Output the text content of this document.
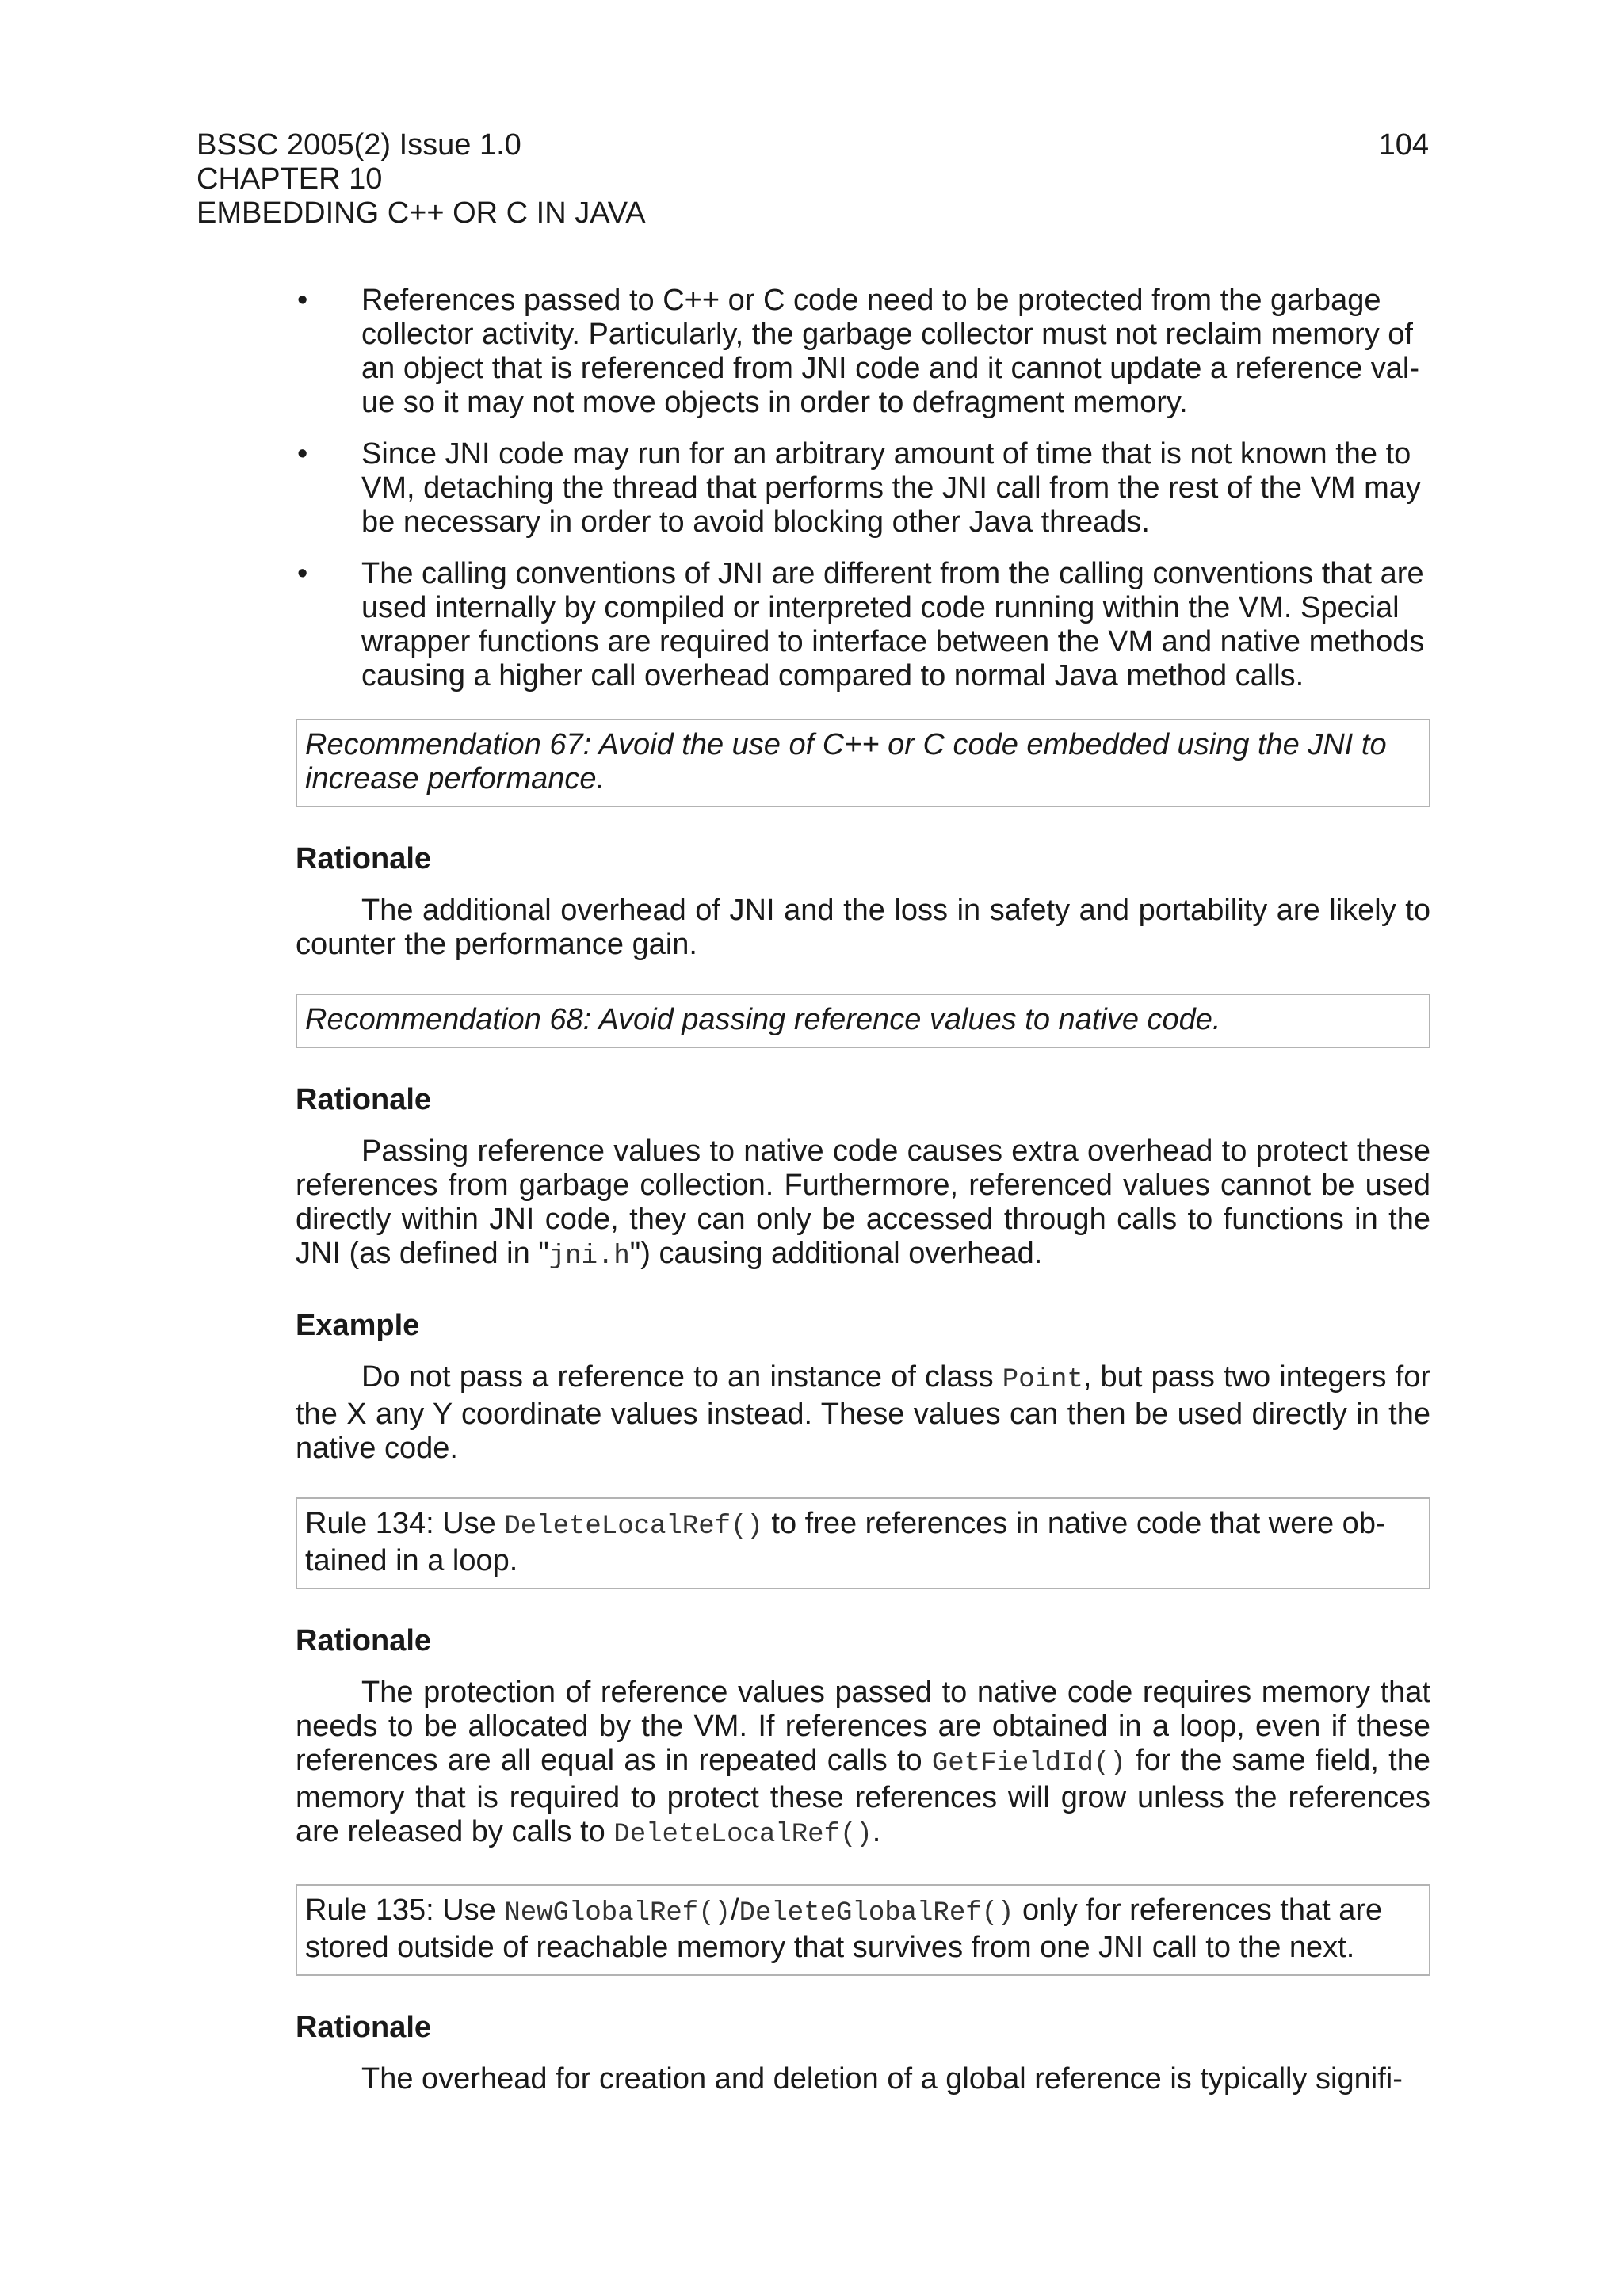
BSSC 2005(2) Issue 1.0
CHAPTER 10
EMBEDDING C++ OR C IN JAVA
104
• References passed to C++ or C code need to be protected from the garbage collector activity. Particularly, the garbage collector must not reclaim memory of an object that is referenced from JNI code and it cannot update a reference value so it may not move objects in order to defragment memory.
• Since JNI code may run for an arbitrary amount of time that is not known the to VM, detaching the thread that performs the JNI call from the rest of the VM may be necessary in order to avoid blocking other Java threads.
• The calling conventions of JNI are different from the calling conventions that are used internally by compiled or interpreted code running within the VM. Special wrapper functions are required to interface between the VM and native methods causing a higher call overhead compared to normal Java method calls.
Recommendation 67: Avoid the use of C++ or C code embedded using the JNI to increase performance.
Rationale

The additional overhead of JNI and the loss in safety and portability are likely to counter the performance gain.

Recommendation 68: Avoid passing reference values to native code.
Rationale

Passing reference values to native code causes extra overhead to protect these references from garbage collection. Furthermore, referenced values cannot be used directly within JNI code, they can only be accessed through calls to functions in the JNI (as defined in "jni.h") causing additional overhead.

Example

Do not pass a reference to an instance of class Point, but pass two integers for the X any Y coordinate values instead. These values can then be used directly in the native code.

Rule 134: Use DeleteLocalRef() to free references in native code that were obtained in a loop.
Rationale

The protection of reference values passed to native code requires memory that needs to be allocated by the VM. If references are obtained in a loop, even if these references are all equal as in repeated calls to GetFieldId() for the same field, the memory that is required to protect these references will grow unless the references are released by calls to DeleteLocalRef().

Rule 135: Use NewGlobalRef()/DeleteGlobalRef() only for references that are stored outside of reachable memory that survives from one JNI call to the next.
Rationale

The overhead for creation and deletion of a global reference is typically signifi-
